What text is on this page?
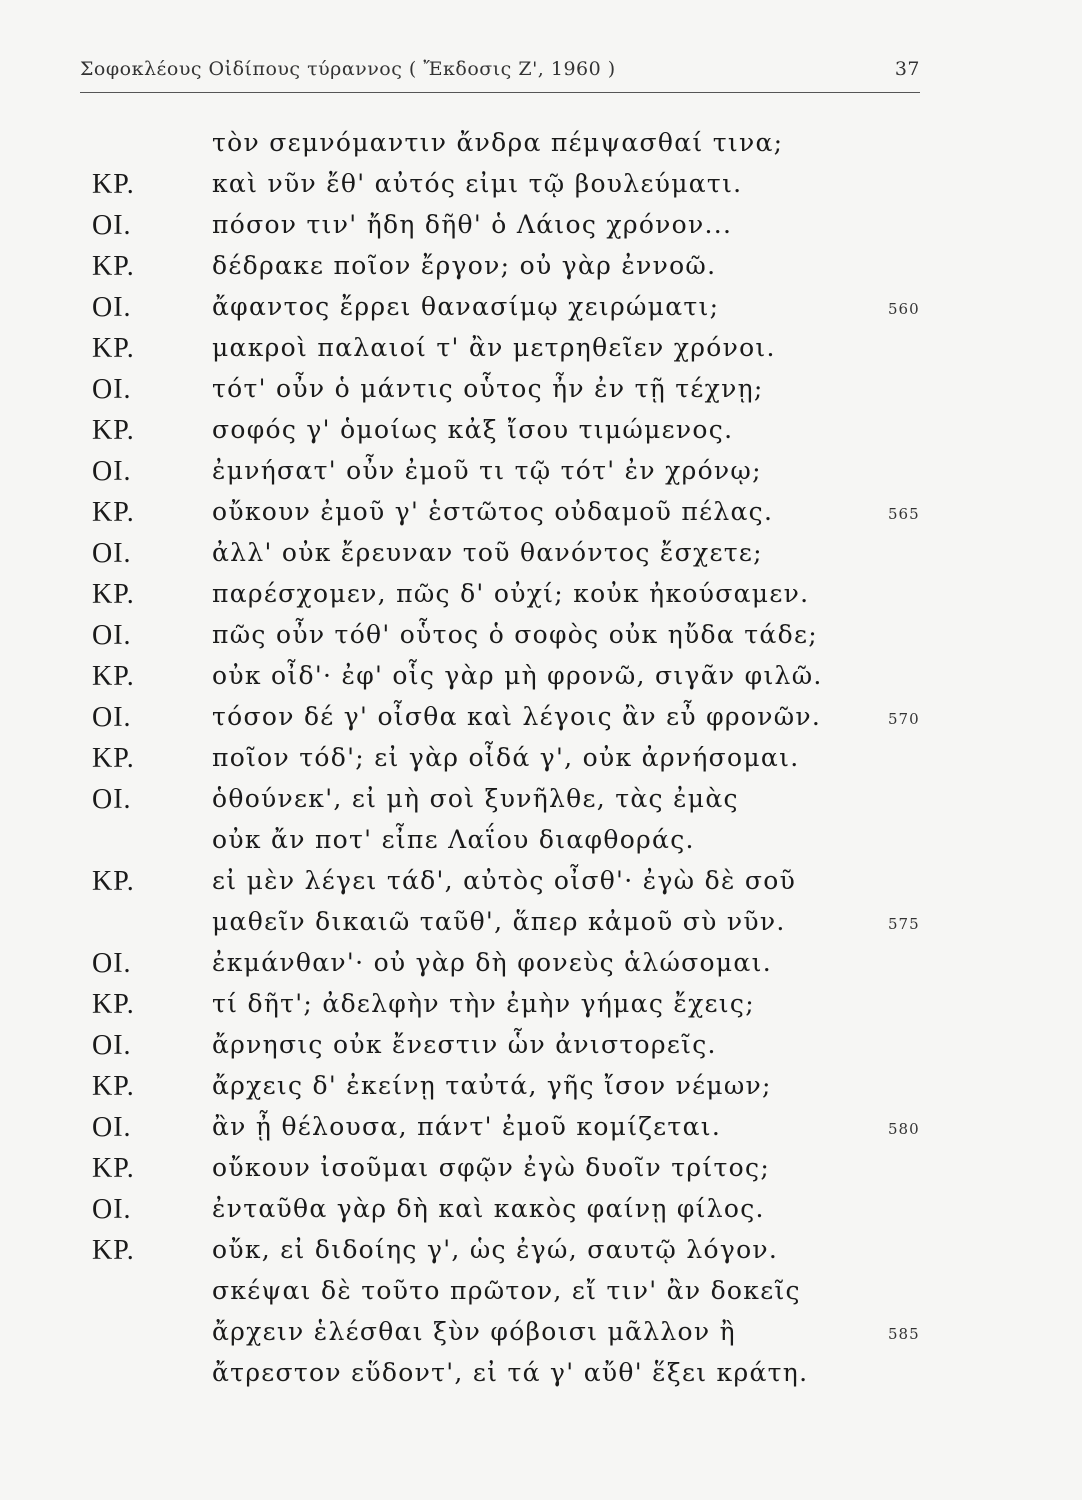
Σοφοκλέους Οἰδίπους τύραννος ( Ἔκδοσις Ζ', 1960 )	37
τὸν σεμνόμαντιν ἄνδρα πέμψασθαί τινα;
ΚΡ.	καὶ νῦν ἔθ' αὐτός εἰμι τῷ βουλεύματι.
ΟΙ.	πόσον τιν' ἤδη δῆθ' ὁ Λάιος χρόνον...
ΚΡ.	δέδρακε ποῖον ἔργον; οὐ γὰρ ἐννοῶ.
ΟΙ.	ἄφαντος ἔρρει θανασίμῳ χειρώματι;	560
ΚΡ.	μακροὶ παλαιοί τ' ἂν μετρηθεῖεν χρόνοι.
ΟΙ.	τότ' οὖν ὁ μάντις οὗτος ἦν ἐν τῇ τέχνῃ;
ΚΡ.	σοφός γ' ὁμοίως κἀξ ἴσου τιμώμενος.
ΟΙ.	ἐμνήσατ' οὖν ἐμοῦ τι τῷ τότ' ἐν χρόνῳ;
ΚΡ.	οὔκουν ἐμοῦ γ' ἑστῶτος οὐδαμοῦ πέλας.	565
ΟΙ.	ἀλλ' οὐκ ἔρευναν τοῦ θανόντος ἔσχετε;
ΚΡ.	παρέσχομεν, πῶς δ' οὐχί; κοὐκ ἠκούσαμεν.
ΟΙ.	πῶς οὖν τόθ' οὗτος ὁ σοφὸς οὐκ ηὔδα τάδε;
ΚΡ.	οὐκ οἶδ'· ἐφ' οἷς γὰρ μὴ φρονῶ, σιγᾶν φιλῶ.
ΟΙ.	τόσον δέ γ' οἶσθα καὶ λέγοις ἂν εὖ φρονῶν.	570
ΚΡ.	ποῖον τόδ'; εἰ γὰρ οἶδά γ', οὐκ ἀρνήσομαι.
ΟΙ.	ὁθούνεκ', εἰ μὴ σοὶ ξυνῆλθε, τὰς ἐμὰς
οὐκ ἄν ποτ' εἶπε Λαΐου διαφθοράς.
ΚΡ.	εἰ μὲν λέγει τάδ', αὐτὸς οἶσθ'· ἐγὼ δὲ σοῦ
μαθεῖν δικαιῶ ταῦθ', ἅπερ κἀμοῦ σὺ νῦν.	575
ΟΙ.	ἐκμάνθαν'· οὐ γὰρ δὴ φονεὺς ἁλώσομαι.
ΚΡ.	τί δῆτ'; ἀδελφὴν τὴν ἐμὴν γήμας ἔχεις;
ΟΙ.	ἄρνησις οὐκ ἔνεστιν ὧν ἀνιστορεῖς.
ΚΡ.	ἄρχεις δ' ἐκείνῃ ταὐτά, γῆς ἴσον νέμων;
ΟΙ.	ἂν ᾖ θέλουσα, πάντ' ἐμοῦ κομίζεται.	580
ΚΡ.	οὔκουν ἰσοῦμαι σφῷν ἐγὼ δυοῖν τρίτος;
ΟΙ.	ἐνταῦθα γὰρ δὴ καὶ κακὸς φαίνῃ φίλος.
ΚΡ.	οὔκ, εἰ διδοίης γ', ὡς ἐγώ, σαυτῷ λόγον.
σκέψαι δὲ τοῦτο πρῶτον, εἴ τιν' ἂν δοκεῖς
ἄρχειν ἑλέσθαι ξὺν φόβοισι μᾶλλον ἢ	585
ἄτρεστον εὕδοντ', εἰ τά γ' αὔθ' ἕξει κράτη.
